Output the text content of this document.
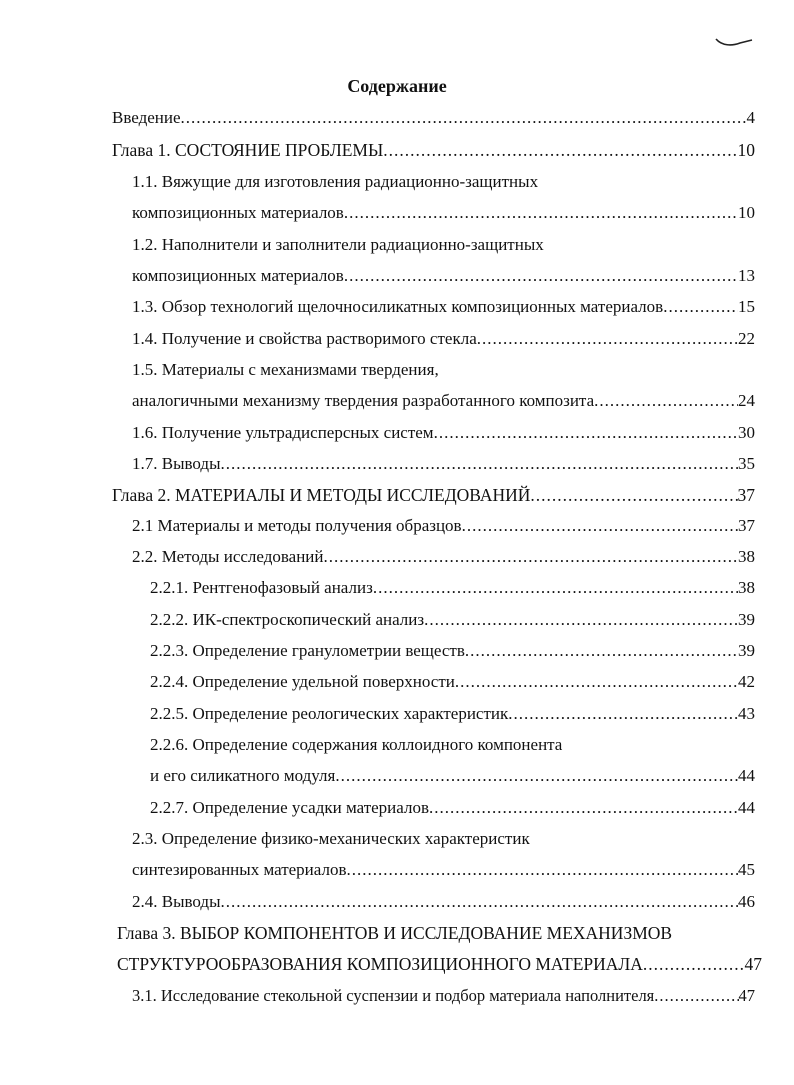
Содержание
Введение .....	4
Глава 1. СОСТОЯНИЕ ПРОБЛЕМЫ .....	10
1.1. Вяжущие для изготовления радиационно-защитных
композиционных материалов .....	10
1.2. Наполнители и заполнители радиационно-защитных
композиционных материалов .....	13
1.3. Обзор технологий щелочносиликатных композиционных материалов .....	15
1.4. Получение и свойства растворимого стекла .....	22
1.5. Материалы с механизмами твердения,
аналогичными механизму твердения разработанного композита .....	24
1.6. Получение ультрадисперсных систем .....	30
1.7. Выводы .....	35
Глава 2. МАТЕРИАЛЫ И МЕТОДЫ ИССЛЕДОВАНИЙ .....	37
2.1 Материалы и методы получения образцов .....	37
2.2. Методы исследований .....	38
2.2.1. Рентгенофазовый анализ .....	38
2.2.2. ИК-спектроскопический анализ .....	39
2.2.3. Определение гранулометрии веществ .....	39
2.2.4. Определение удельной поверхности .....	42
2.2.5. Определение реологических характеристик .....	43
2.2.6. Определение содержания коллоидного компонента
и его силикатного модуля .....	44
2.2.7. Определение усадки материалов .....	44
2.3. Определение физико-механических характеристик
синтезированных материалов .....	45
2.4. Выводы .....	46
Глава 3. ВЫБОР КОМПОНЕНТОВ И ИССЛЕДОВАНИЕ МЕХАНИЗМОВ
СТРУКТУРООБРАЗОВАНИЯ КОМПОЗИЦИОННОГО МАТЕРИАЛА .....	47
3.1. Исследование стекольной суспензии и подбор материала наполнителя .....	47
